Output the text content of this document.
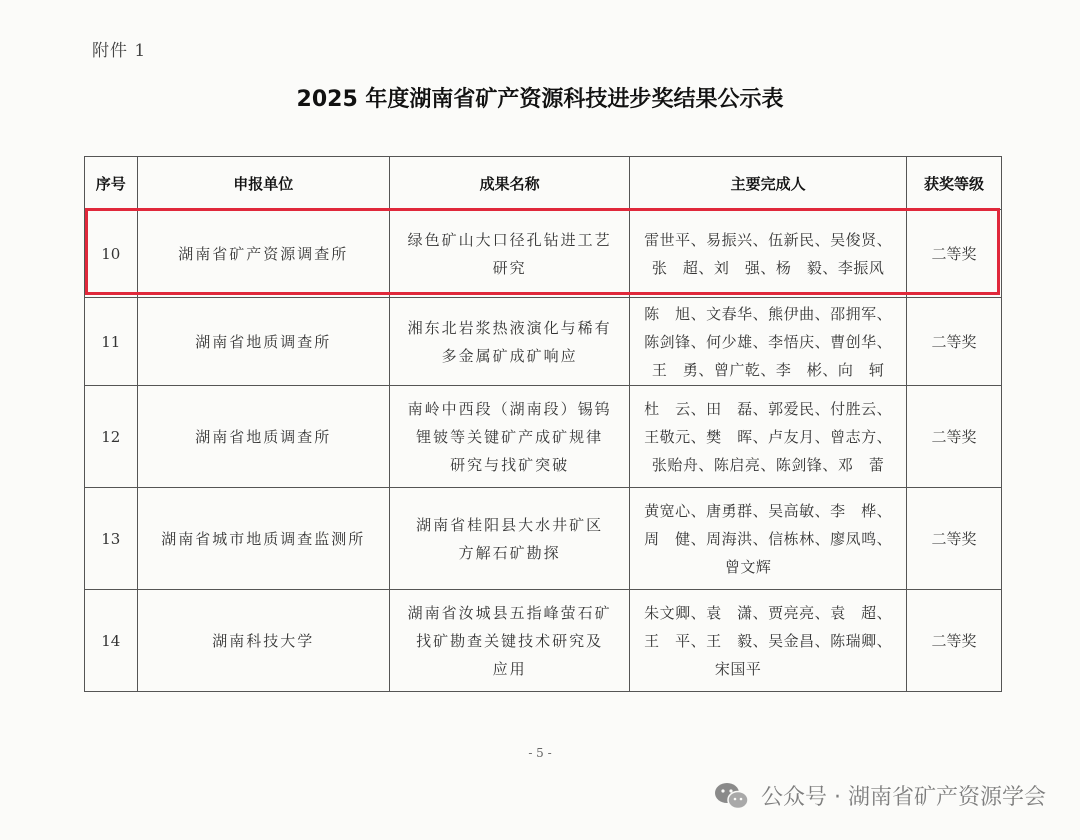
附件 1
2025 年度湖南省矿产资源科技进步奖结果公示表
序号	申报单位	成果名称	主要完成人	获奖等级
10	湖南省矿产资源调查所	绿色矿山大口径孔钻进工艺
研究	雷世平、易振兴、伍新民、吴俊贤、
张　超、刘　强、杨　毅、李振风	二等奖
11	湖南省地质调查所	湘东北岩浆热液演化与稀有
多金属矿成矿响应	陈　旭、文春华、熊伊曲、邵拥军、
陈剑锋、何少雄、李悟庆、曹创华、
王　勇、曾广乾、李　彬、向　轲	二等奖
12	湖南省地质调查所	南岭中西段（湖南段）锡钨
锂铍等关键矿产成矿规律
研究与找矿突破	杜　云、田　磊、郭爱民、付胜云、
王敬元、樊　晖、卢友月、曾志方、
张贻舟、陈启亮、陈剑锋、邓　蕾	二等奖
13	湖南省城市地质调查监测所	湖南省桂阳县大水井矿区
方解石矿勘探	黄宽心、唐勇群、吴高敏、李　桦、
周　健、周海洪、信栋林、廖凤鸣、
曾文辉	二等奖
14	湖南科技大学	湖南省汝城县五指峰萤石矿
找矿勘查关键技术研究及
应用	朱文卿、袁　潇、贾亮亮、袁　超、
王　平、王　毅、吴金昌、陈瑞卿、
宋国平	二等奖
- 5 -
公众号 · 湖南省矿产资源学会
